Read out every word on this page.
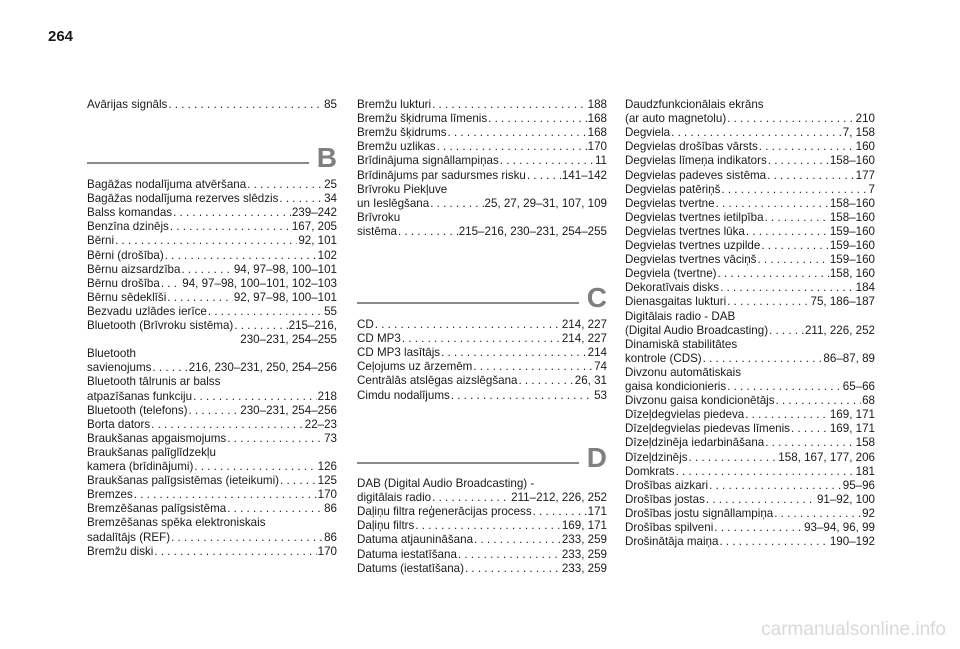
264
Avārijas signāls . . .	85
B
Bagāžas nodalījuma atvēršana . . .	25
Bagāžas nodalījuma rezerves slēdzis . . .	34
Balss komandas . . .	239–242
Benzīna dzinējs . . .	167, 205
Bērni . . .	92, 101
Bērni (drošība) . . .	102
Bērnu aizsardzība . . .	94, 97–98, 100–101
Bērnu drošība . . . 94, 97–98, 100–101, 102–103
Bērnu sēdeklīši . . .	92, 97–98, 100–101
Bezvadu uzlādes ierīce . . .	55
Bluetooth (Brīvroku sistēma) . . .	215–216,
230–231, 254–255
Bluetooth
savienojums . . .	216, 230–231, 250, 254–256
Bluetooth tālrunis ar balss
atpazīšanas funkciju . . .	218
Bluetooth (telefons) . . .	230–231, 254–256
Borta dators . . .	22–23
Braukšanas apgaismojums . . .	73
Braukšanas palīglīdzekļu
kamera (brīdinājumi) . . .	126
Braukšanas palīgsistēmas (ieteikumi) . . .	125
Bremzes . . .	170
Bremzēšanas palīgsistēma . . .	86
Bremzēšanas spēka elektroniskais
sadalītājs (REF) . . .	86
Bremžu diski . . .	170
Bremžu lukturi . . .	188
Bremžu šķidruma līmenis . . .	168
Bremžu šķidrums . . .	168
Bremžu uzlikas . . .	170
Brīdinājuma signāllampiņas . . .	11
Brīdinājums par sadursmes risku . . .	141–142
Brīvroku Piekļuve
un Ieslēgšana . . .	25, 27, 29–31, 107, 109
Brīvroku
sistēma . . .	215–216, 230–231, 254–255
C
CD . . .	214, 227
CD MP3 . . .	214, 227
CD MP3 lasītājs . . .	214
Ceļojums uz ārzemēm . . .	74
Centrālās atslēgas aizslēgšana . . .	26, 31
Cimdu nodalījums . . .	53
D
DAB (Digital Audio Broadcasting) -
digitālais radio . . .	211–212, 226, 252
Daļiņu filtra reģenerācijas process . . .	171
Daļiņu filtrs . . .	169, 171
Datuma atjaunināšana . . .	233, 259
Datuma iestatīšana . . .	233, 259
Datums (iestatīšana) . . .	233, 259
Daudzfunkcionālais ekrāns
(ar auto magnetolu) . . .	210
Degviela . . .	7, 158
Degvielas drošības vārsts . . .	160
Degvielas līmeņa indikators . . .	158–160
Degvielas padeves sistēma . . .	177
Degvielas patēriņš . . .	7
Degvielas tvertne . . .	158–160
Degvielas tvertnes ietilpība . . .	158–160
Degvielas tvertnes lūka . . .	159–160
Degvielas tvertnes uzpilde . . .	159–160
Degvielas tvertnes vāciņš . . .	159–160
Degviela (tvertne) . . .	158, 160
Dekoratīvais disks . . .	184
Dienasgaitas lukturi . . .	75, 186–187
Digitālais radio - DAB
(Digital Audio Broadcasting) . . .	211, 226, 252
Dinamiskā stabilitātes
kontrole (CDS) . . .	86–87, 89
Divzonu automātiskais
gaisa kondicionieris . . .	65–66
Divzonu gaisa kondicionētājs . . .	68
Dīzeļdegvielas piedeva . . .	169, 171
Dīzeļdegvielas piedevas līmenis . . .	169, 171
Dīzeļdzinēja iedarbināšana . . .	158
Dīzeļdzinējs . . .	158, 167, 177, 206
Domkrats . . .	181
Drošības aizkari . . .	95–96
Drošības jostas . . .	91–92, 100
Drošības jostu signāllampiņa . . .	92
Drošības spilveni . . .	93–94, 96, 99
Drošinātāja maiņa . . .	190–192
carmanualsonline.info
